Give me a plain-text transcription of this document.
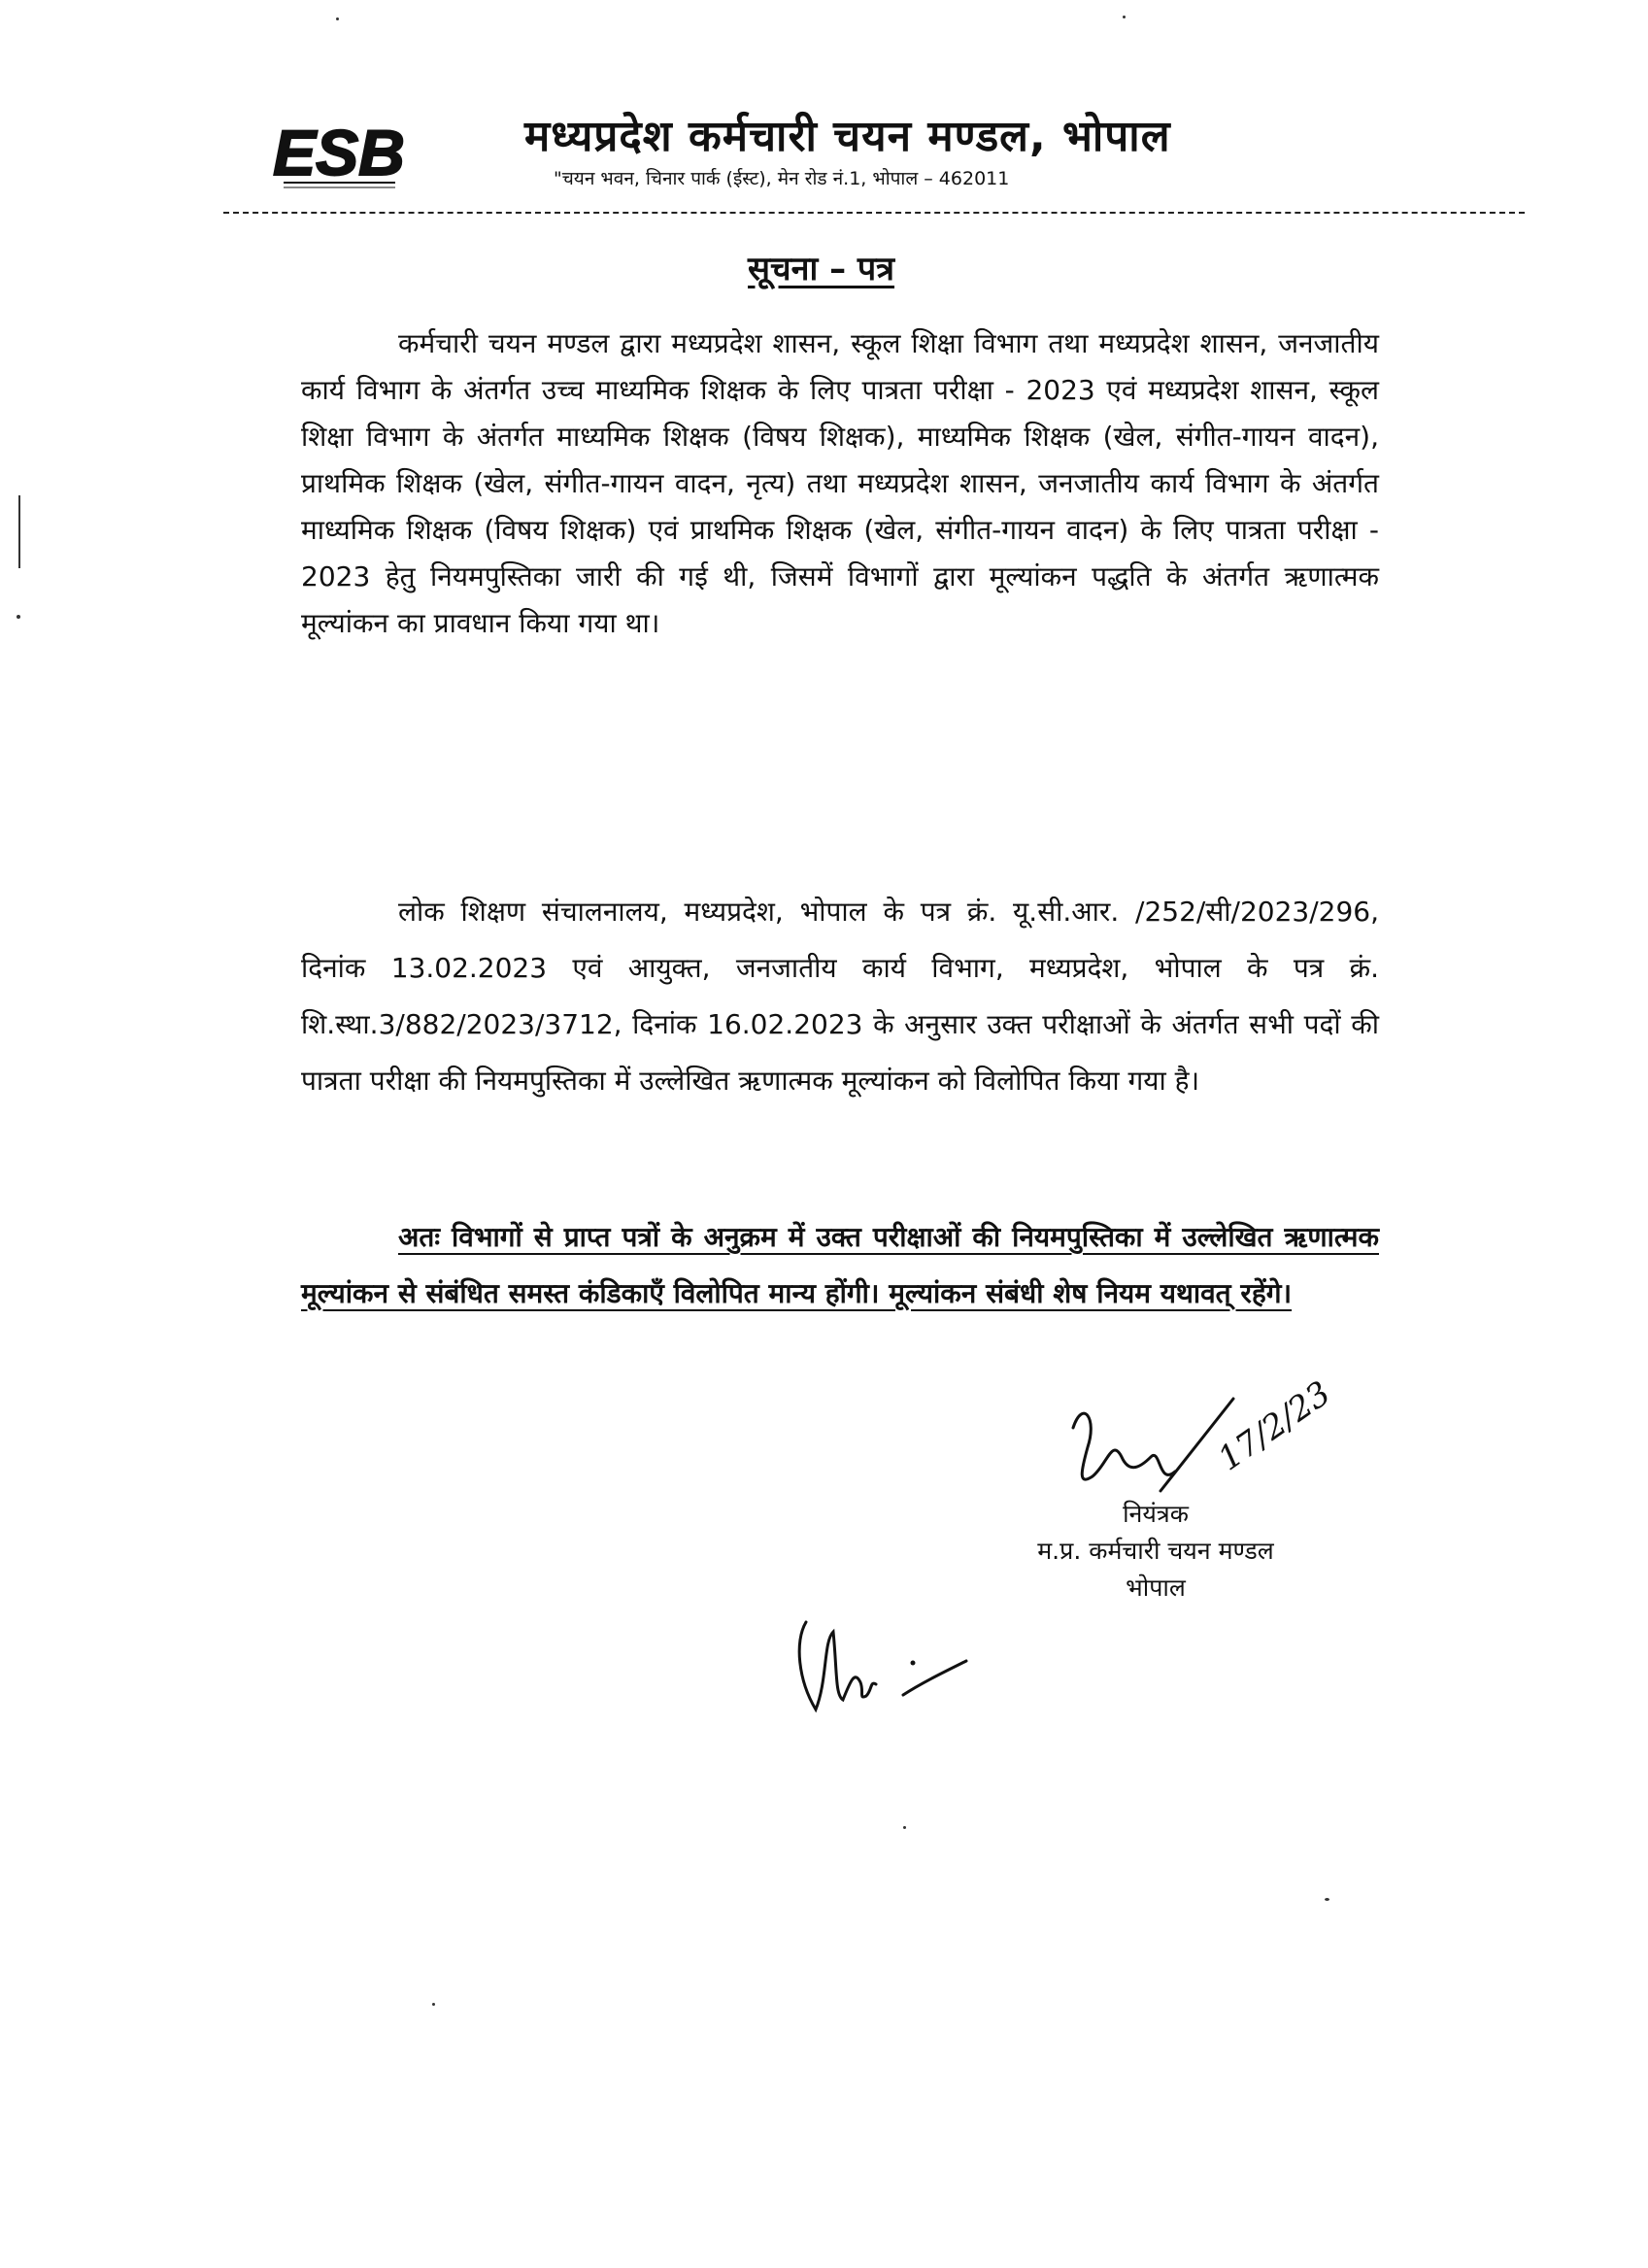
ESB	मध्यप्रदेश कर्मचारी चयन मण्डल, भोपाल
"चयन भवन, चिनार पार्क (ईस्ट), मेन रोड नं.1, भोपाल – 462011
सूचना – पत्र

कर्मचारी चयन मण्डल द्वारा मध्यप्रदेश शासन, स्कूल शिक्षा विभाग तथा मध्यप्रदेश शासन, जनजातीय कार्य विभाग के अंतर्गत उच्च माध्यमिक शिक्षक के लिए पात्रता परीक्षा - 2023 एवं मध्यप्रदेश शासन, स्कूल शिक्षा विभाग के अंतर्गत माध्यमिक शिक्षक (विषय शिक्षक), माध्यमिक शिक्षक (खेल, संगीत-गायन वादन), प्राथमिक शिक्षक (खेल, संगीत-गायन वादन, नृत्य) तथा मध्यप्रदेश शासन, जनजातीय कार्य विभाग के अंतर्गत माध्यमिक शिक्षक (विषय शिक्षक) एवं प्राथमिक शिक्षक (खेल, संगीत-गायन वादन) के लिए पात्रता परीक्षा - 2023 हेतु नियमपुस्तिका जारी की गई थी, जिसमें विभागों द्वारा मूल्यांकन पद्धति के अंतर्गत ऋणात्मक मूल्यांकन का प्रावधान किया गया था।

लोक शिक्षण संचालनालय, मध्यप्रदेश, भोपाल के पत्र क्रं. यू.सी.आर. /252/सी/2023/296, दिनांक 13.02.2023 एवं आयुक्त, जनजातीय कार्य विभाग, मध्यप्रदेश, भोपाल के पत्र क्रं. शि.स्था.3/882/2023/3712, दिनांक 16.02.2023 के अनुसार उक्त परीक्षाओं के अंतर्गत सभी पदों की पात्रता परीक्षा की नियमपुस्तिका में उल्लेखित ऋणात्मक मूल्यांकन को विलोपित किया गया है।

अतः विभागों से प्राप्त पत्रों के अनुक्रम में उक्त परीक्षाओं की नियमपुस्तिका में उल्लेखित ऋणात्मक मूल्यांकन से संबंधित समस्त कंडिकाएँ विलोपित मान्य होंगी। मूल्यांकन संबंधी शेष नियम यथावत् रहेंगे।

17/2/23
नियंत्रक
म.प्र. कर्मचारी चयन मण्डल
भोपाल
